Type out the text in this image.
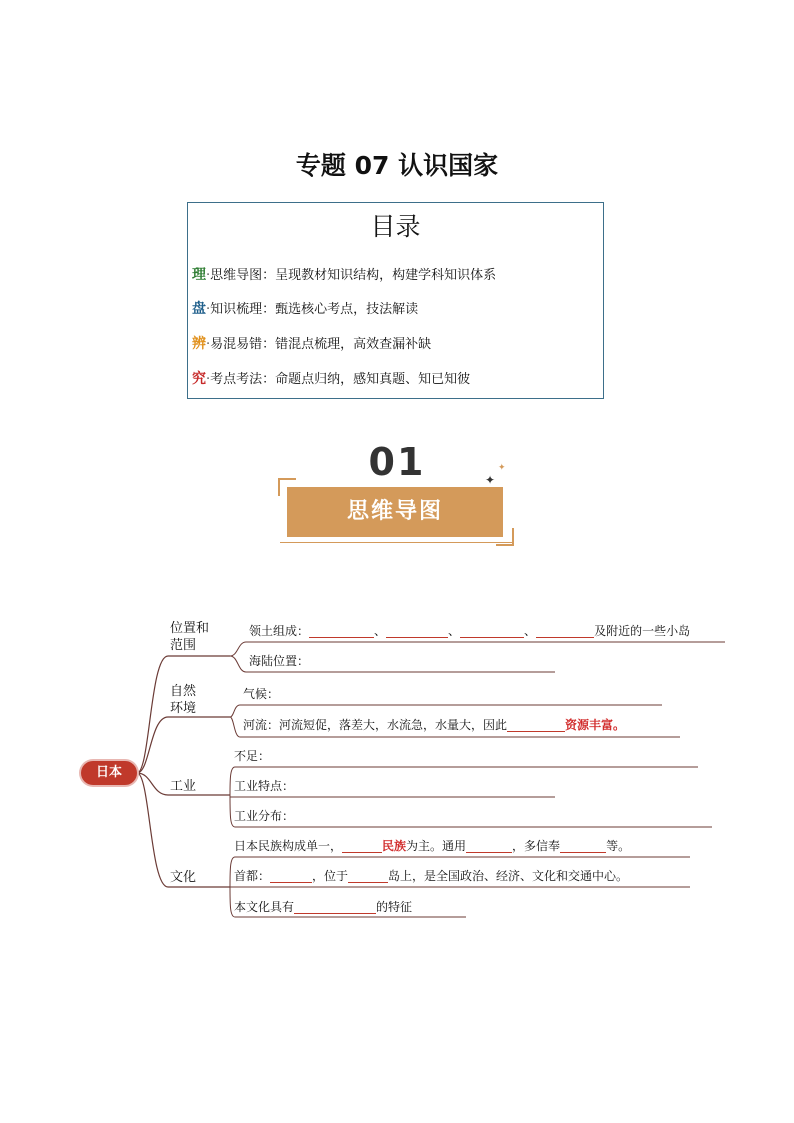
专题 07 认识国家
目录
理·思维导图：呈现教材知识结构，构建学科知识体系
盘·知识梳理：甄选核心考点，技法解读
辨·易混易错：错混点梳理，高效查漏补缺
究·考点考法：命题点归纳，感知真题、知已知彼
01
思维导图
✦
✦
日本
位置和范围
自然环境
工业
文化
领土组成：	、	、	、	及附近的一些小岛
海陆位置：
气候：
河流：河流短促，落差大，水流急，水量大，因此	资源丰富。
不足：
工业特点：
工业分布：
日本民族构成单一，	民族为主。通用	，多信奉	等。
首都：	，位于	岛上，是全国政治、经济、文化和交通中心。
本文化具有	的特征
